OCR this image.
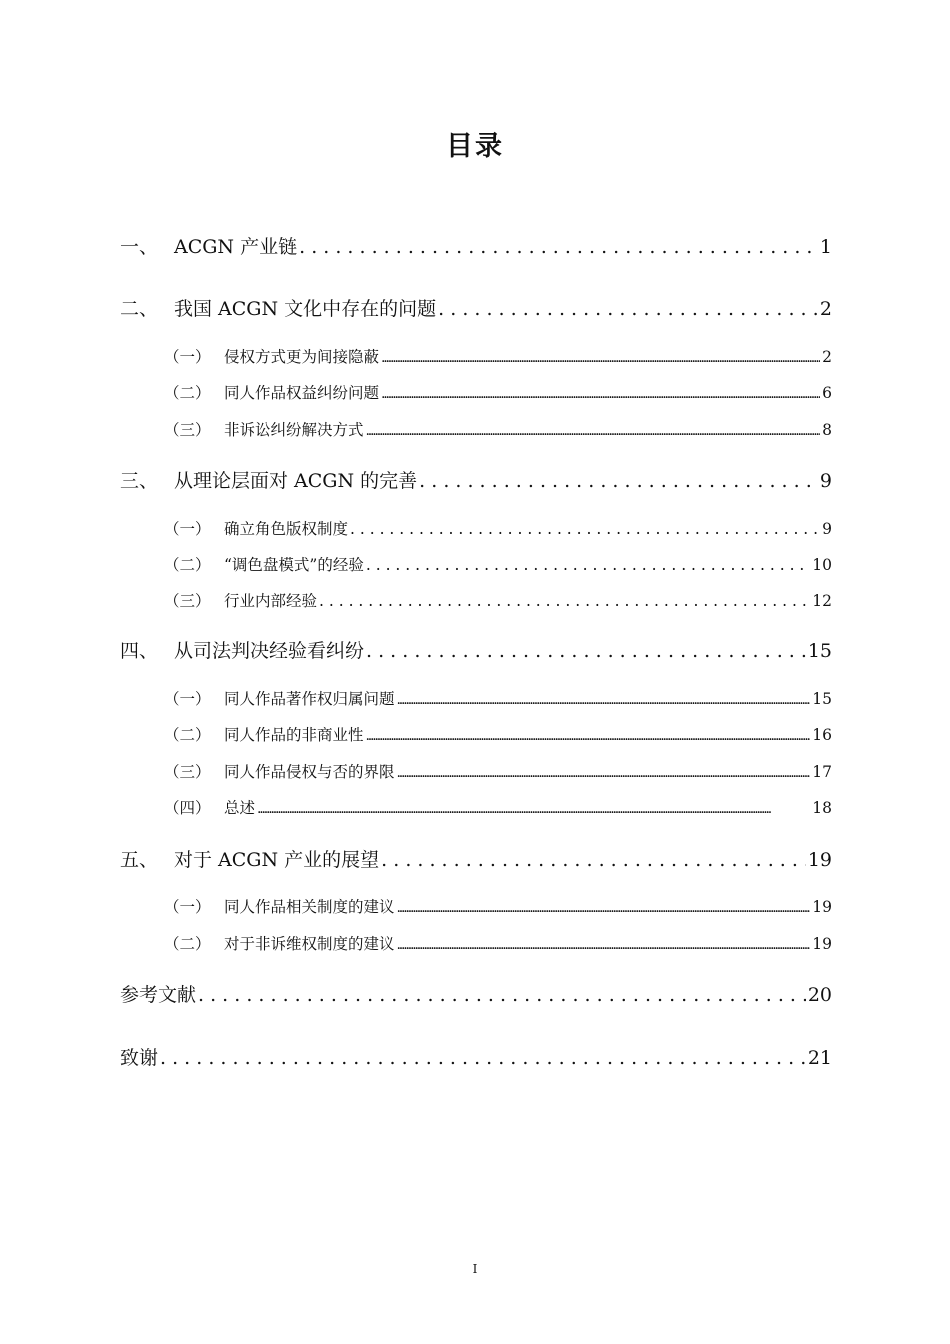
目录
一、 ACGN 产业链 . . .	1
二、 我国 ACGN 文化中存在的问题 . . .	2
（一） 侵权方式更为间接隐蔽 .....	2
（二） 同人作品权益纠纷问题 .....	6
（三） 非诉讼纠纷解决方式 .....	8
三、 从理论层面对 ACGN 的完善 . . .	9
（一） 确立角色版权制度 . . .	9
（二） “调色盘模式”的经验 . . .	10
（三） 行业内部经验 . . .	12
四、 从司法判决经验看纠纷 . . .	15
（一） 同人作品著作权归属问题 .....	15
（二） 同人作品的非商业性 .....	16
（三） 同人作品侵权与否的界限 .....	17
（四） 总述 .....	18
五、 对于 ACGN 产业的展望 . . .	19
（一） 同人作品相关制度的建议 .....	19
（二） 对于非诉维权制度的建议 .....	19
参考文献 . . .	20
致谢 . . .	21
I
